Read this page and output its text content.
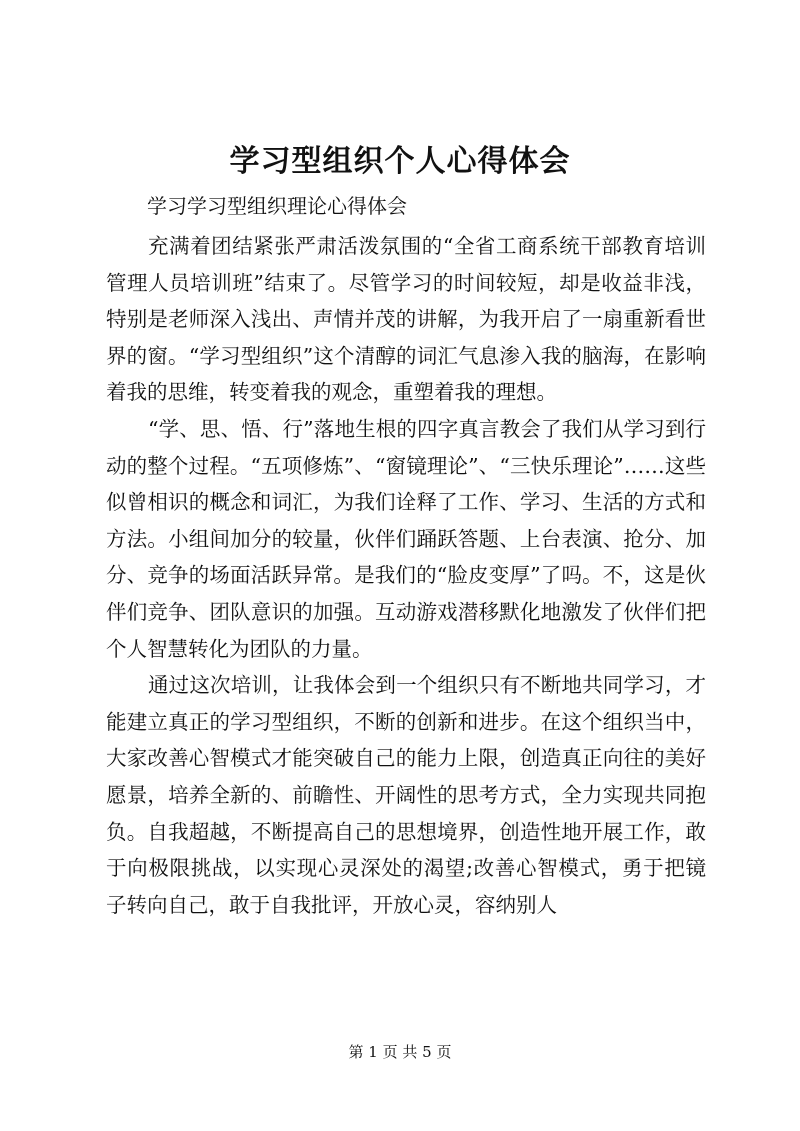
学习型组织个人心得体会
学习学习型组织理论心得体会

充满着团结紧张严肃活泼氛围的“全省工商系统干部教育培训管理人员培训班”结束了。尽管学习的时间较短，却是收益非浅，特别是老师深入浅出、声情并茂的讲解，为我开启了一扇重新看世界的窗。“学习型组织”这个清醇的词汇气息渗入我的脑海，在影响着我的思维，转变着我的观念，重塑着我的理想。

“学、思、悟、行”落地生根的四字真言教会了我们从学习到行动的整个过程。“五项修炼”、“窗镜理论”、“三快乐理论”……这些似曾相识的概念和词汇，为我们诠释了工作、学习、生活的方式和方法。小组间加分的较量，伙伴们踊跃答题、上台表演、抢分、加分、竞争的场面活跃异常。是我们的“脸皮变厚”了吗。不，这是伙伴们竞争、团队意识的加强。互动游戏潜移默化地激发了伙伴们把个人智慧转化为团队的力量。

通过这次培训，让我体会到一个组织只有不断地共同学习，才能建立真正的学习型组织，不断的创新和进步。在这个组织当中，大家改善心智模式才能突破自己的能力上限，创造真正向往的美好愿景，培养全新的、前瞻性、开阔性的思考方式，全力实现共同抱负。自我超越，不断提高自己的思想境界，创造性地开展工作，敢于向极限挑战，以实现心灵深处的渴望;改善心智模式，勇于把镜子转向自己，敢于自我批评，开放心灵，容纳别人

第 1 页 共 5 页
